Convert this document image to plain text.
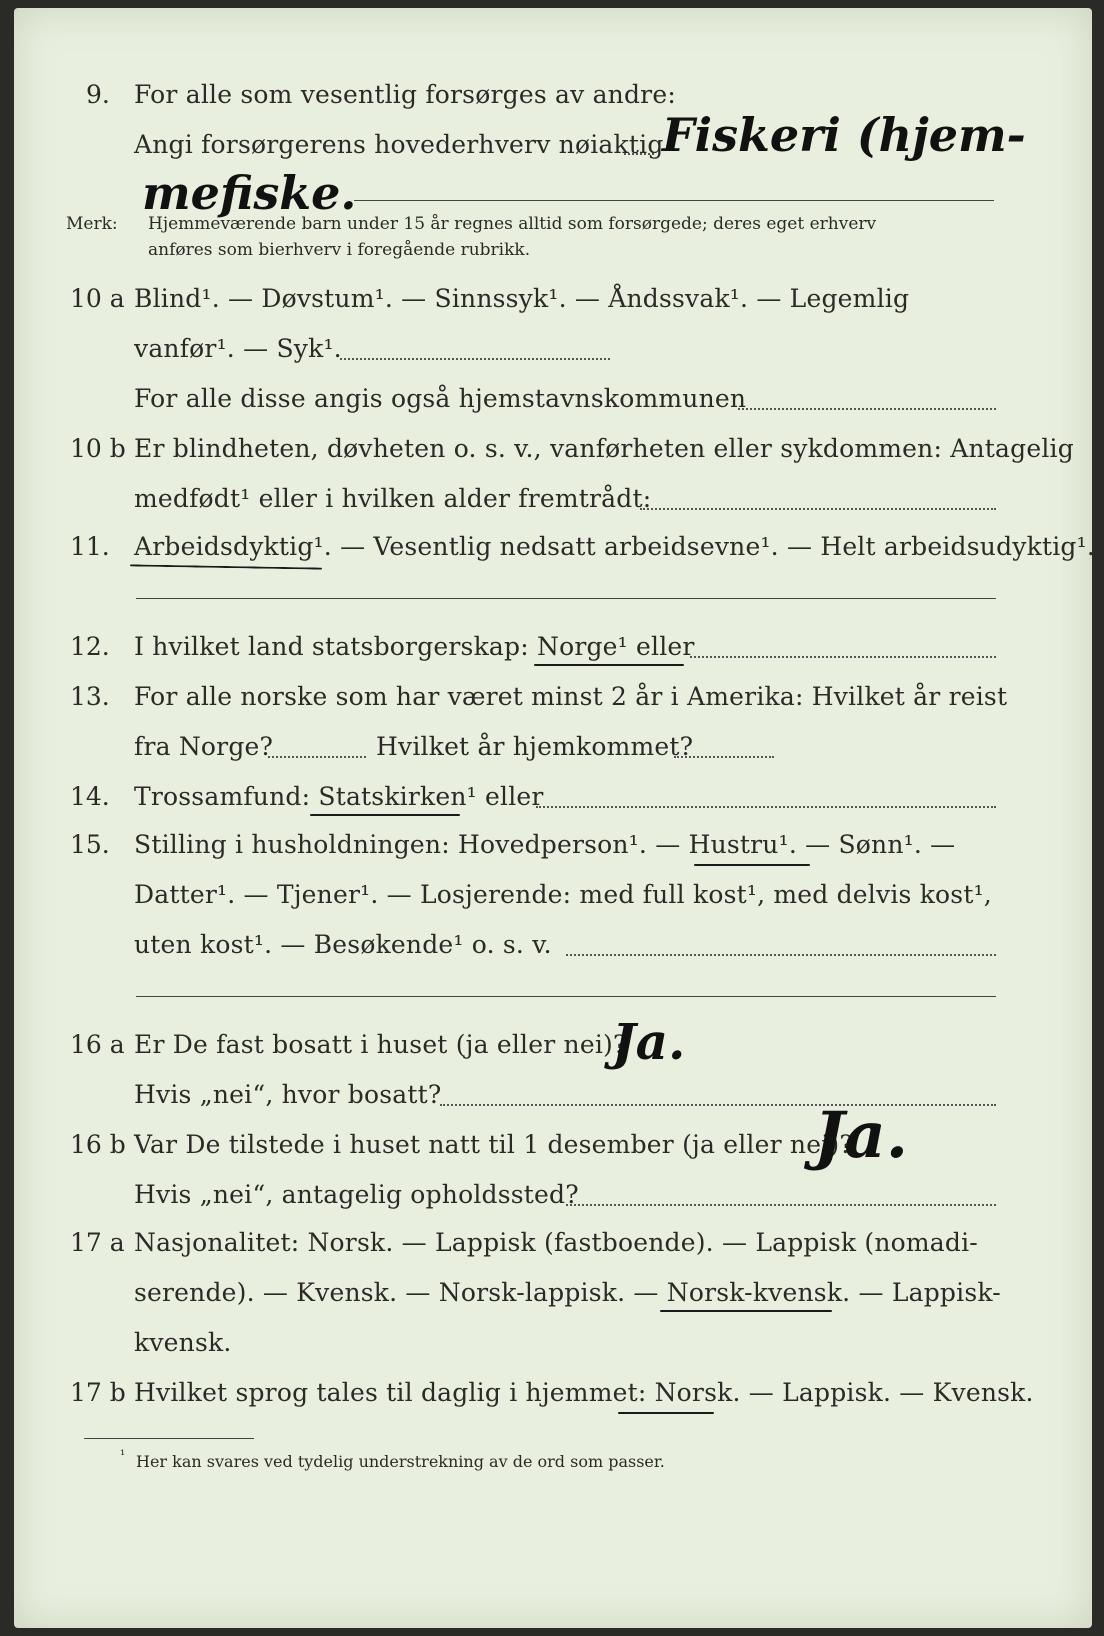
9. For alle som vesentlig forsørges av andre:
Angi forsørgerens hovederhverv nøiaktig
Fiskeri (hjem-
mefiske.
Merk: Hjemmeværende barn under 15 år regnes alltid som forsørgede; deres eget erhverv
anføres som bierhverv i foregående rubrikk.
10 a Blind¹. — Døvstum¹. — Sinnssyk¹. — Åndssvak¹. — Legemlig
vanfør¹. — Syk¹.
For alle disse angis også hjemstavnskommunen
10 b Er blindheten, døvheten o. s. v., vanførheten eller sykdommen: Antagelig
medfødt¹ eller i hvilken alder fremtrådt:
11. Arbeidsdyktig¹. — Vesentlig nedsatt arbeidsevne¹. — Helt arbeidsudyktig¹.
12. I hvilket land statsborgerskap: Norge¹ eller
13. For alle norske som har været minst 2 år i Amerika: Hvilket år reist
fra Norge?	Hvilket år hjemkommet?
14. Trossamfund: Statskirken¹ eller
15. Stilling i husholdningen: Hovedperson¹. — Hustru¹. — Sønn¹. —
Datter¹. — Tjener¹. — Losjerende: med full kost¹, med delvis kost¹,
uten kost¹. — Besøkende¹ o. s. v.
16 a Er De fast bosatt i huset (ja eller nei)?
Ja.
Hvis „nei“, hvor bosatt?
16 b Var De tilstede i huset natt til 1 desember (ja eller nei)?
Ja.
Hvis „nei“, antagelig opholdssted?
17 a Nasjonalitet: Norsk. — Lappisk (fastboende). — Lappisk (nomadi-
serende). — Kvensk. — Norsk-lappisk. — Norsk-kvensk. — Lappisk-
kvensk.
17 b Hvilket sprog tales til daglig i hjemmet: Norsk. — Lappisk. — Kvensk.
¹ Her kan svares ved tydelig understrekning av de ord som passer.
